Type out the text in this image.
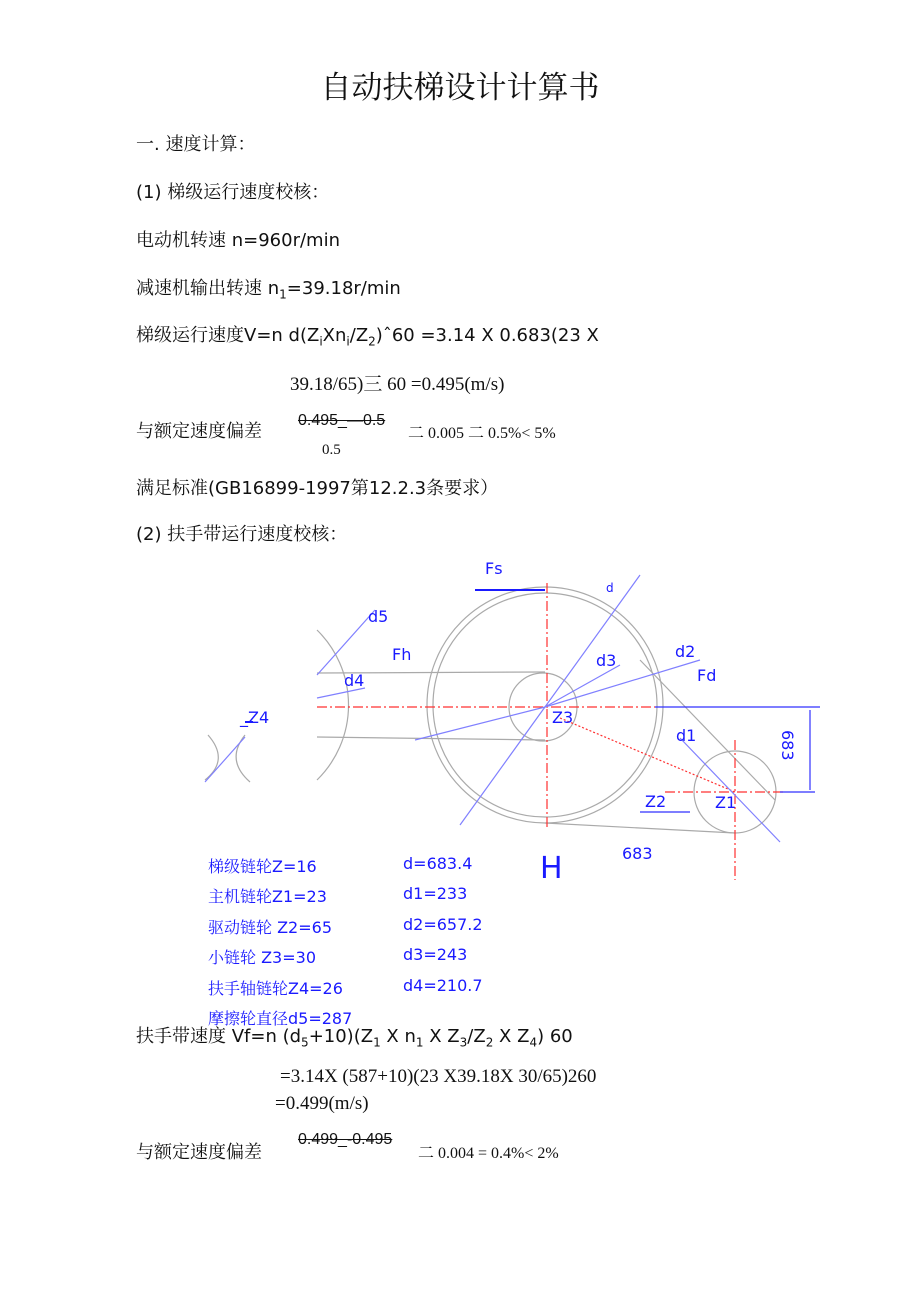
自动扶梯设计计算书
一. 速度计算：
(1) 梯级运行速度校核：
电动机转速 n=960r/min
减速机输出转速 $n_1=39.18r/\min$
梯级运行速度V=n $d(Z_iXn_i/Z_2)ˆ60 =3.14$ X 0.683(23 X
39.18/65)三 60 =0.495(m/s)
与额定速度偏差
0.495_—0.5
0.5
二 0.005 二 0.5%< 5%
满足标准(GB16899-1997第12.2.3条要求）
(2) 扶手带运行速度校核：
Fs
d
d5
Fh	d3	d2
Fd
d4
_Z4	Z3
d1	683
Z2	Z1
H	683
梯级链轮Z=16	d=683.4
主机链轮Z1=23	d1=233
驱动链轮 Z2=65	d2=657.2
小链轮 Z3=30	d3=243
扶手轴链轮Z4=26	d4=210.7
摩擦轮直径d5=287
扶手带速度 Vf=n $(d_5+10)(Z_1$ X $n_1$ X $Z_3/Z_2$ X $Z_4$) 60
=3.14X (587+10)(23 X39.18X 30/65)260
=0.499(m/s)
与额定速度偏差
0.499_-0.495
二 0.004 = 0.4%< 2%
